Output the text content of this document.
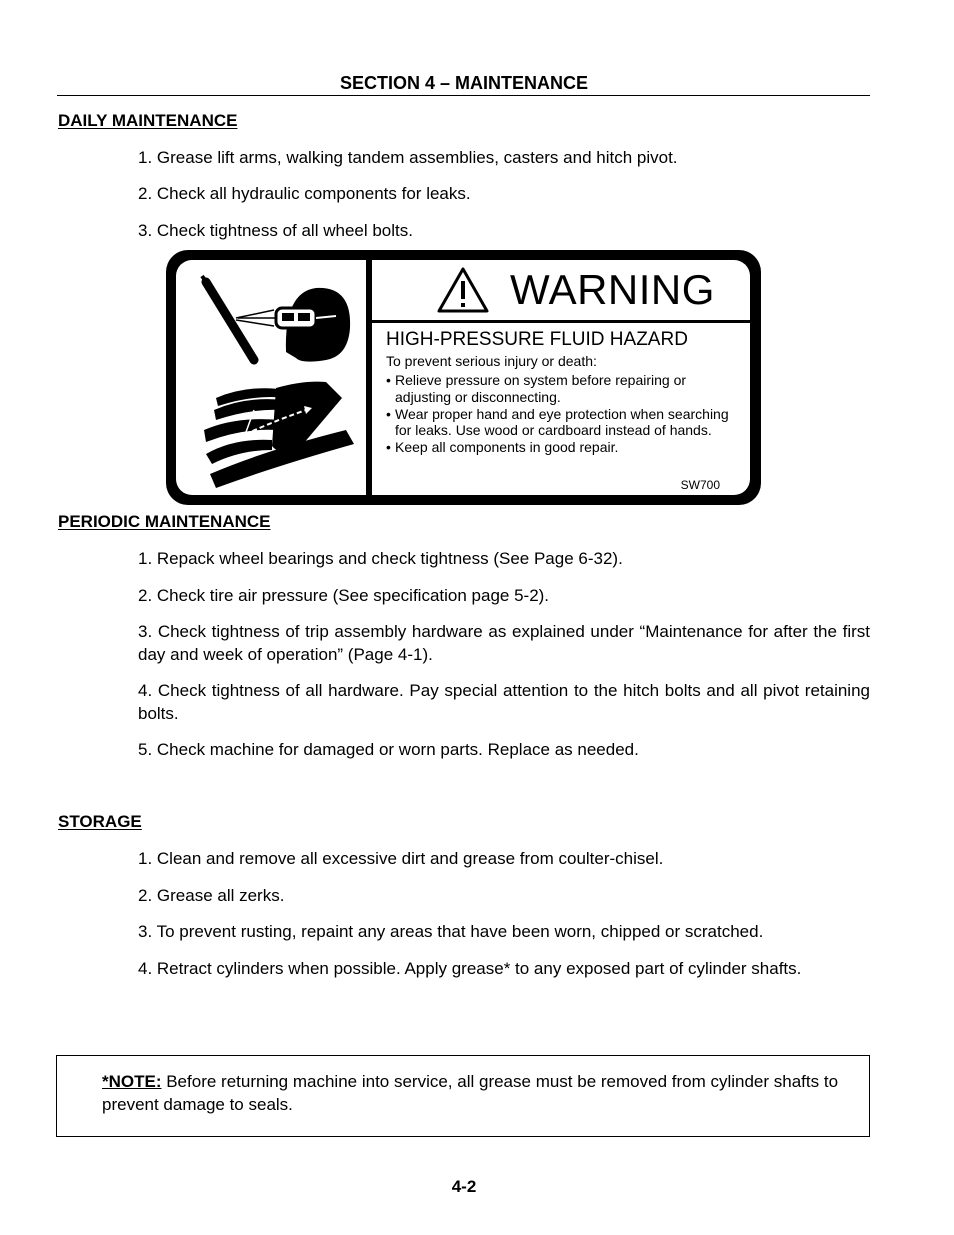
SECTION 4 – MAINTENANCE
DAILY MAINTENANCE
1. Grease lift arms, walking tandem assemblies, casters and hitch pivot.
2. Check all hydraulic components for leaks.
3. Check tightness of all wheel bolts.
WARNING
HIGH-PRESSURE FLUID HAZARD
To prevent serious injury or death:
• Relieve pressure on system before repairing or adjusting or disconnecting.
• Wear proper hand and eye protection when searching for leaks. Use wood or cardboard instead of hands.
• Keep all components in good repair.
SW700
PERIODIC MAINTENANCE
1. Repack wheel bearings and check tightness (See Page 6-32).
2. Check tire air pressure (See specification page 5-2).
3. Check tightness of trip assembly hardware as explained under “Maintenance for after the first day and week of operation” (Page 4-1).
4. Check tightness of all hardware. Pay special attention to the hitch bolts and all pivot retaining bolts.
5. Check machine for damaged or worn parts. Replace as needed.
STORAGE
1. Clean and remove all excessive dirt and grease from coulter-chisel.
2. Grease all zerks.
3. To prevent rusting, repaint any areas that have been worn, chipped or scratched.
4. Retract cylinders when possible. Apply grease* to any exposed part of cylinder shafts.
*NOTE: Before returning machine into service, all grease must be removed from cylinder shafts to prevent damage to seals.
4-2
